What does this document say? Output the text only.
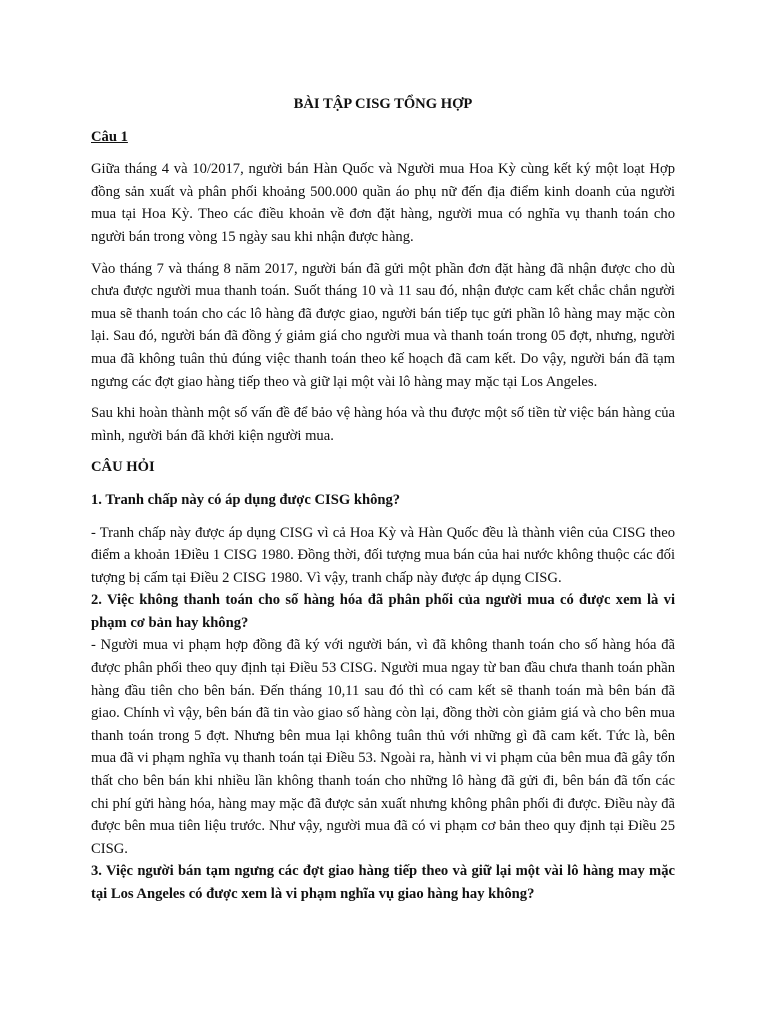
BÀI TẬP CISG TỔNG HỢP
Câu 1

Giữa tháng 4 và 10/2017, người bán Hàn Quốc và Người mua Hoa Kỳ cùng kết ký một loạt Hợp đồng sản xuất và phân phối khoảng 500.000 quần áo phụ nữ đến địa điểm kinh doanh của người mua tại Hoa Kỳ. Theo các điều khoản về đơn đặt hàng, người mua có nghĩa vụ thanh toán cho người bán trong vòng 15 ngày sau khi nhận được hàng.

Vào tháng 7 và tháng 8 năm 2017, người bán đã gửi một phần đơn đặt hàng đã nhận được cho dù chưa được người mua thanh toán. Suốt tháng 10 và 11 sau đó, nhận được cam kết chắc chắn người mua sẽ thanh toán cho các lô hàng đã được giao, người bán tiếp tục gửi phần lô hàng may mặc còn lại. Sau đó, người bán đã đồng ý giảm giá cho người mua và thanh toán trong 05 đợt, nhưng, người mua đã không tuân thủ đúng việc thanh toán theo kế hoạch đã cam kết. Do vậy, người bán đã tạm ngưng các đợt giao hàng tiếp theo và giữ lại một vài lô hàng may mặc tại Los Angeles.

Sau khi hoàn thành một số vấn đề để bảo vệ hàng hóa và thu được một số tiền từ việc bán hàng của mình, người bán đã khởi kiện người mua.

CÂU HỎI

1. Tranh chấp này có áp dụng được CISG không?

- Tranh chấp này được áp dụng CISG vì cả Hoa Kỳ và Hàn Quốc đều là thành viên của CISG theo điểm a khoản 1Điều 1 CISG 1980. Đồng thời, đối tượng mua bán của hai nước không thuộc các đối tượng bị cấm tại Điều 2 CISG 1980. Vì vậy, tranh chấp này được áp dụng CISG.

2. Việc không thanh toán cho số hàng hóa đã phân phối của người mua có được xem là vi phạm cơ bản hay không?

- Người mua vi phạm hợp đồng đã ký với người bán, vì đã không thanh toán cho số hàng hóa đã được phân phối theo quy định tại Điều 53 CISG. Người mua ngay từ ban đầu chưa thanh toán phần hàng đầu tiên cho bên bán. Đến tháng 10,11 sau đó thì có cam kết sẽ thanh toán mà bên bán đã giao. Chính vì vậy, bên bán đã tin vào giao số hàng còn lại, đồng thời còn giảm giá và cho bên mua thanh toán trong 5 đợt. Nhưng bên mua lại không tuân thủ với những gì đã cam kết. Tức là, bên mua đã vi phạm nghĩa vụ thanh toán tại Điều 53. Ngoài ra, hành vi vi phạm của bên mua đã gây tổn thất cho bên bán khi nhiều lần không thanh toán cho những lô hàng đã gửi đi, bên bán đã tốn các chi phí gửi hàng hóa, hàng may mặc đã được sản xuất nhưng không phân phối đi được. Điều này đã được bên mua tiên liệu trước. Như vậy, người mua đã có vi phạm cơ bản theo quy định tại Điều 25 CISG.

3. Việc người bán tạm ngưng các đợt giao hàng tiếp theo và giữ lại một vài lô hàng may mặc tại Los Angeles có được xem là vi phạm nghĩa vụ giao hàng hay không?
